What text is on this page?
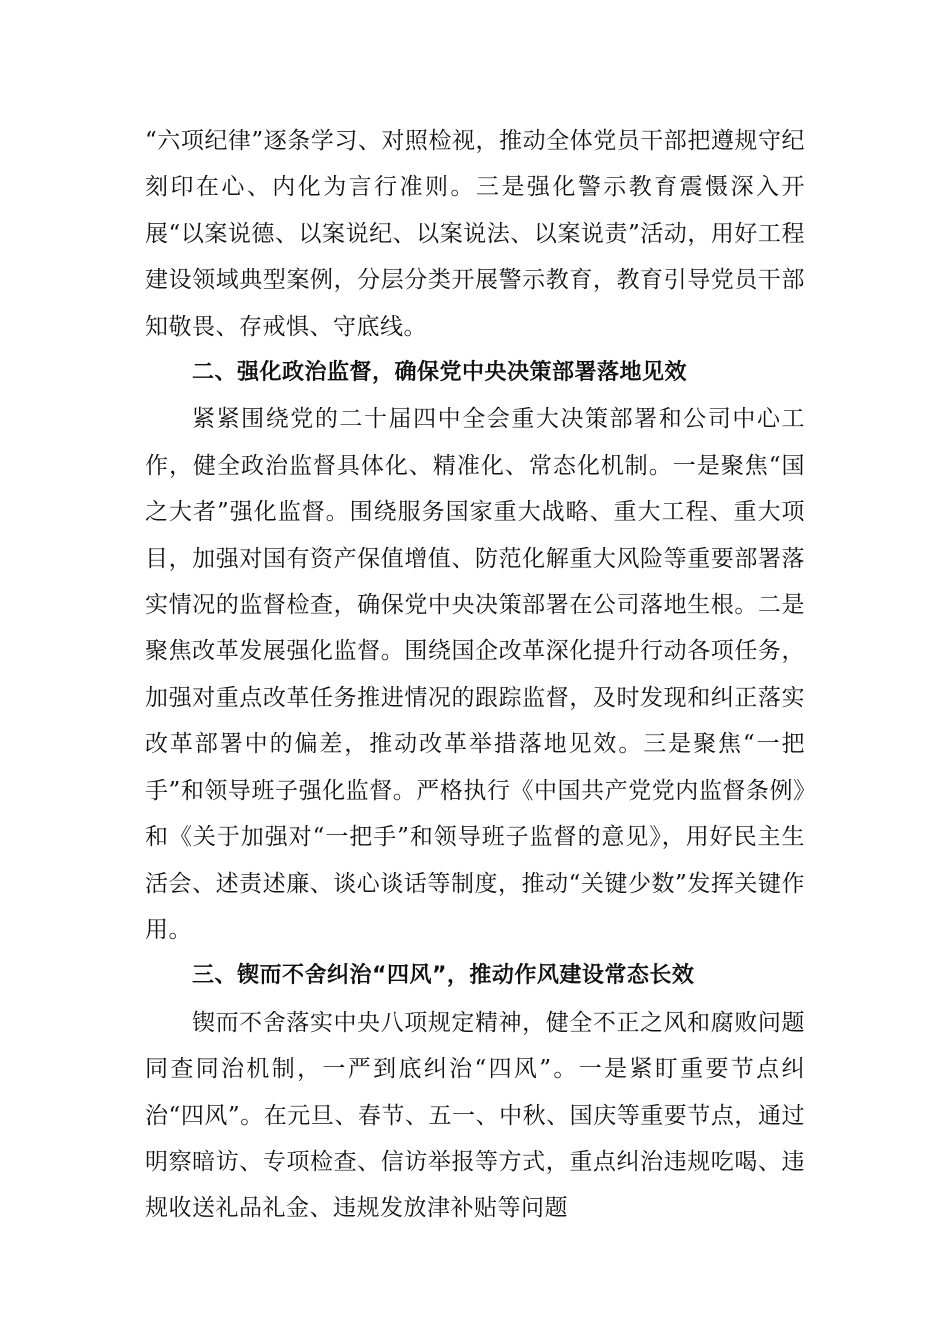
“六项纪律”逐条学习、对照检视，推动全体党员干部把遵规守纪刻印在心、内化为言行准则。三是强化警示教育震慑深入开展“以案说德、以案说纪、以案说法、以案说责”活动，用好工程建设领域典型案例，分层分类开展警示教育，教育引导党员干部知敬畏、存戒惧、守底线。

二、强化政治监督，确保党中央决策部署落地见效

紧紧围绕党的二十届四中全会重大决策部署和公司中心工作，健全政治监督具体化、精准化、常态化机制。一是聚焦“国之大者”强化监督。围绕服务国家重大战略、重大工程、重大项目，加强对国有资产保值增值、防范化解重大风险等重要部署落实情况的监督检查，确保党中央决策部署在公司落地生根。二是聚焦改革发展强化监督。围绕国企改革深化提升行动各项任务，加强对重点改革任务推进情况的跟踪监督，及时发现和纠正落实改革部署中的偏差，推动改革举措落地见效。三是聚焦“一把手”和领导班子强化监督。严格执行《中国共产党党内监督条例》和《关于加强对“一把手”和领导班子监督的意见》，用好民主生活会、述责述廉、谈心谈话等制度，推动“关键少数”发挥关键作用。

三、锲而不舍纠治“四风”，推动作风建设常态长效

锲而不舍落实中央八项规定精神，健全不正之风和腐败问题同查同治机制，一严到底纠治“四风”。一是紧盯重要节点纠治“四风”。在元旦、春节、五一、中秋、国庆等重要节点，通过明察暗访、专项检查、信访举报等方式，重点纠治违规吃喝、违规收送礼品礼金、违规发放津补贴等问题
